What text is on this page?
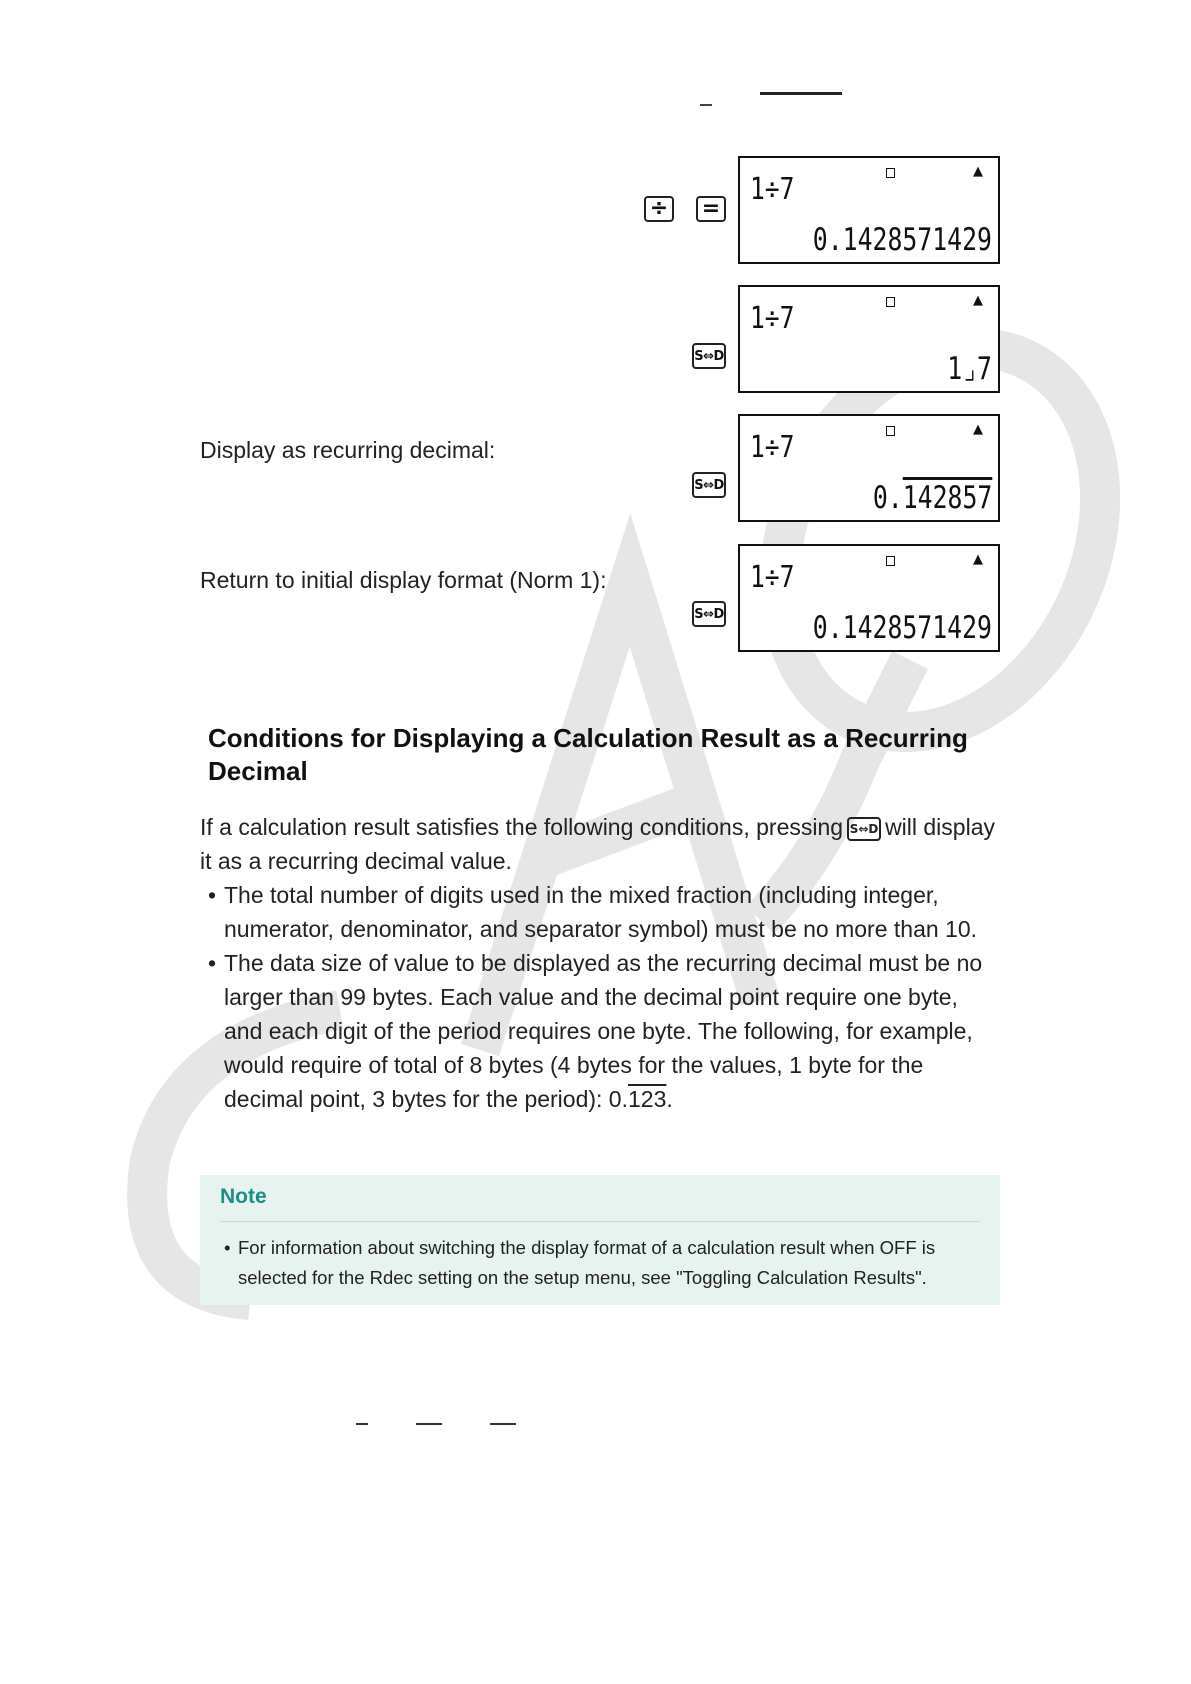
÷ =
▲
1÷7
0.1428571429
S⇔D
▲
1÷7
1⌟7
Display as recurring decimal:
S⇔D
▲
1÷7
0.142857
Return to initial display format (Norm 1):
S⇔D
▲
1÷7
0.1428571429
Conditions for Displaying a Calculation Result as a Recurring Decimal
If a calculation result satisfies the following conditions, pressing S⇔D will display it as a recurring decimal value.
• The total number of digits used in the mixed fraction (including integer, numerator, denominator, and separator symbol) must be no more than 10.
• The data size of value to be displayed as the recurring decimal must be no larger than 99 bytes. Each value and the decimal point require one byte, and each digit of the period requires one byte. The following, for example, would require of total of 8 bytes (4 bytes for the values, 1 byte for the decimal point, 3 bytes for the period): 0.123.
Note
• For information about switching the display format of a calculation result when OFF is selected for the Rdec setting on the setup menu, see "Toggling Calculation Results".
